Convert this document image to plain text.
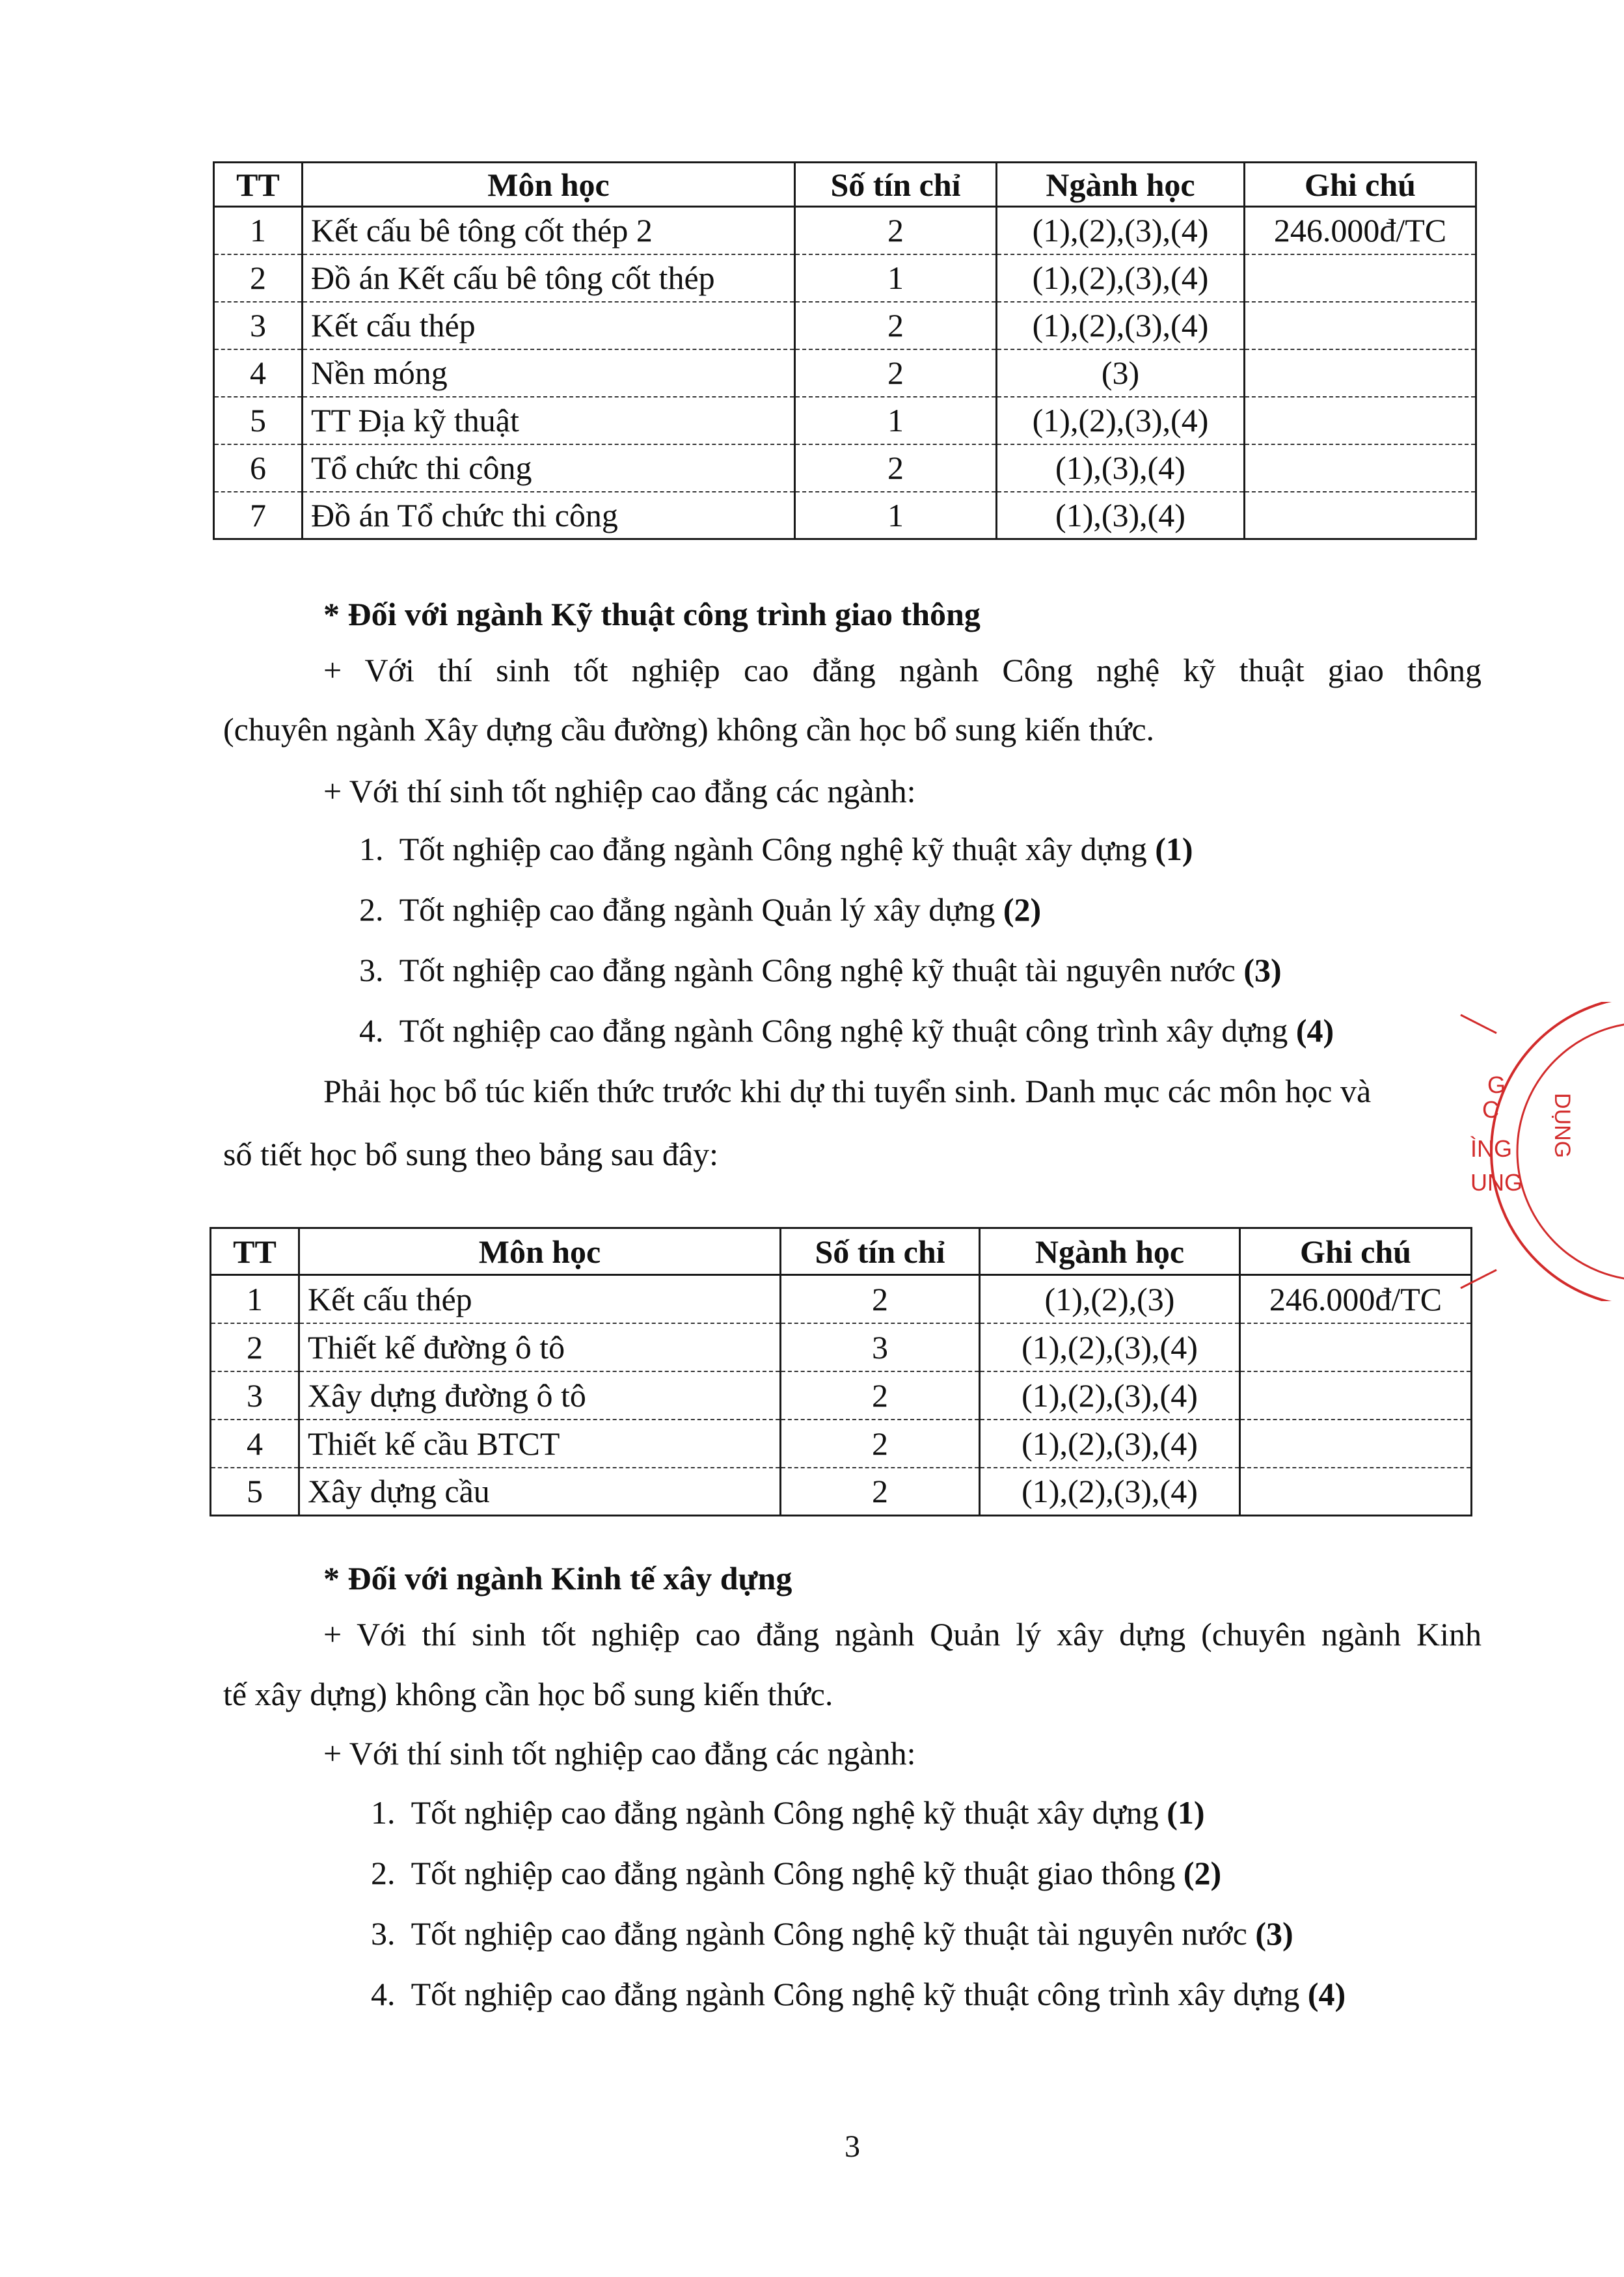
TT	Môn học	Số tín chỉ	Ngành học	Ghi chú
1	Kết cấu bê tông cốt thép 2	2	(1),(2),(3),(4)	246.000đ/TC
2	Đồ án Kết cấu bê tông cốt thép	1	(1),(2),(3),(4)	
3	Kết cấu thép	2	(1),(2),(3),(4)	
4	Nền móng	2	(3)	
5	TT Địa kỹ thuật	1	(1),(2),(3),(4)	
6	Tổ chức thi công	2	(1),(3),(4)	
7	Đồ án Tổ chức thi công	1	(1),(3),(4)	
* Đối với ngành Kỹ thuật công trình giao thông
+ Với thí sinh tốt nghiệp cao đẳng ngành Công nghệ kỹ thuật giao thông
(chuyên ngành Xây dựng cầu đường) không cần học bổ sung kiến thức.
+ Với thí sinh tốt nghiệp cao đẳng các ngành:
1. Tốt nghiệp cao đẳng ngành Công nghệ kỹ thuật xây dựng (1)
2. Tốt nghiệp cao đẳng ngành Quản lý xây dựng (2)
3. Tốt nghiệp cao đẳng ngành Công nghệ kỹ thuật tài nguyên nước (3)
4. Tốt nghiệp cao đẳng ngành Công nghệ kỹ thuật công trình xây dựng (4)
Phải học bổ túc kiến thức trước khi dự thi tuyển sinh. Danh mục các môn học và
số tiết học bổ sung theo bảng sau đây:
TT	Môn học	Số tín chỉ	Ngành học	Ghi chú
1	Kết cấu thép	2	(1),(2),(3)	246.000đ/TC
2	Thiết kế đường ô tô	3	(1),(2),(3),(4)	
3	Xây dựng đường ô tô	2	(1),(2),(3),(4)	
4	Thiết kế cầu BTCT	2	(1),(2),(3),(4)	
5	Xây dựng cầu	2	(1),(2),(3),(4)	
* Đối với ngành Kinh tế xây dựng
+ Với thí sinh tốt nghiệp cao đẳng ngành Quản lý xây dựng (chuyên ngành Kinh
tế xây dựng) không cần học bổ sung kiến thức.
+ Với thí sinh tốt nghiệp cao đẳng các ngành:
1. Tốt nghiệp cao đẳng ngành Công nghệ kỹ thuật xây dựng (1)
2. Tốt nghiệp cao đẳng ngành Công nghệ kỹ thuật giao thông (2)
3. Tốt nghiệp cao đẳng ngành Công nghệ kỹ thuật tài nguyên nước (3)
4. Tốt nghiệp cao đẳng ngành Công nghệ kỹ thuật công trình xây dựng (4)
G
C
ÌNG
UNG
DỤNG
3
